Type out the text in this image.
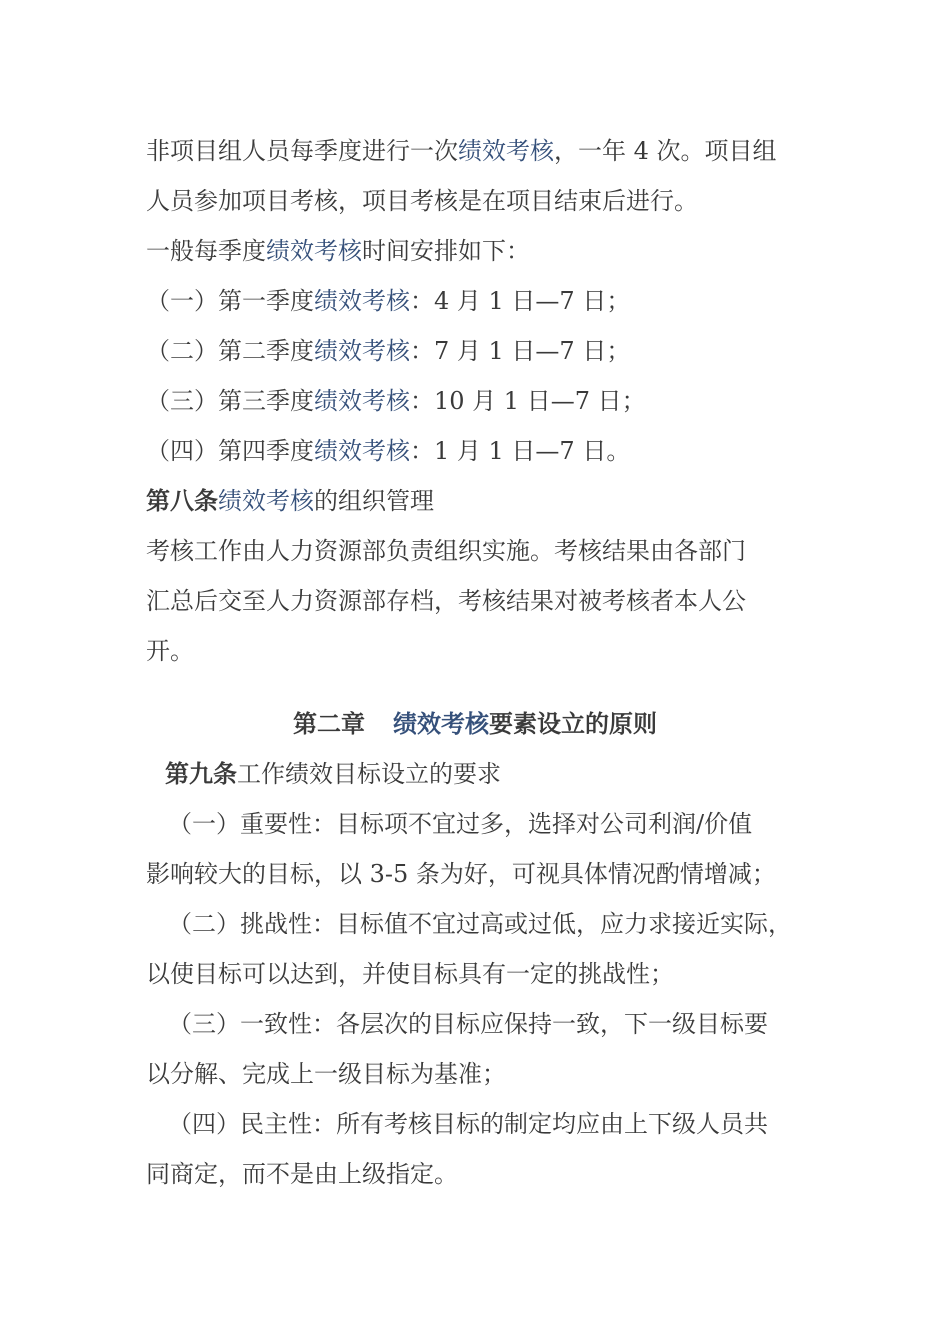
非项目组人员每季度进行一次绩效考核，一年 4 次。项目组
人员参加项目考核，项目考核是在项目结束后进行。
一般每季度绩效考核时间安排如下：
（一）第一季度绩效考核：4 月 1 日—7 日；
（二）第二季度绩效考核：7 月 1 日—7 日；
（三）第三季度绩效考核：10 月 1 日—7 日；
（四）第四季度绩效考核：1 月 1 日—7 日。
第八条绩效考核的组织管理
考核工作由人力资源部负责组织实施。考核结果由各部门
汇总后交至人力资源部存档，考核结果对被考核者本人公
开。
第二章 绩效考核要素设立的原则
第九条工作绩效目标设立的要求
（一）重要性：目标项不宜过多，选择对公司利润/价值
影响较大的目标，以 3-5 条为好，可视具体情况酌情增减；
（二）挑战性：目标值不宜过高或过低，应力求接近实际，
以使目标可以达到，并使目标具有一定的挑战性；
（三）一致性：各层次的目标应保持一致，下一级目标要
以分解、完成上一级目标为基准；
（四）民主性：所有考核目标的制定均应由上下级人员共
同商定，而不是由上级指定。
